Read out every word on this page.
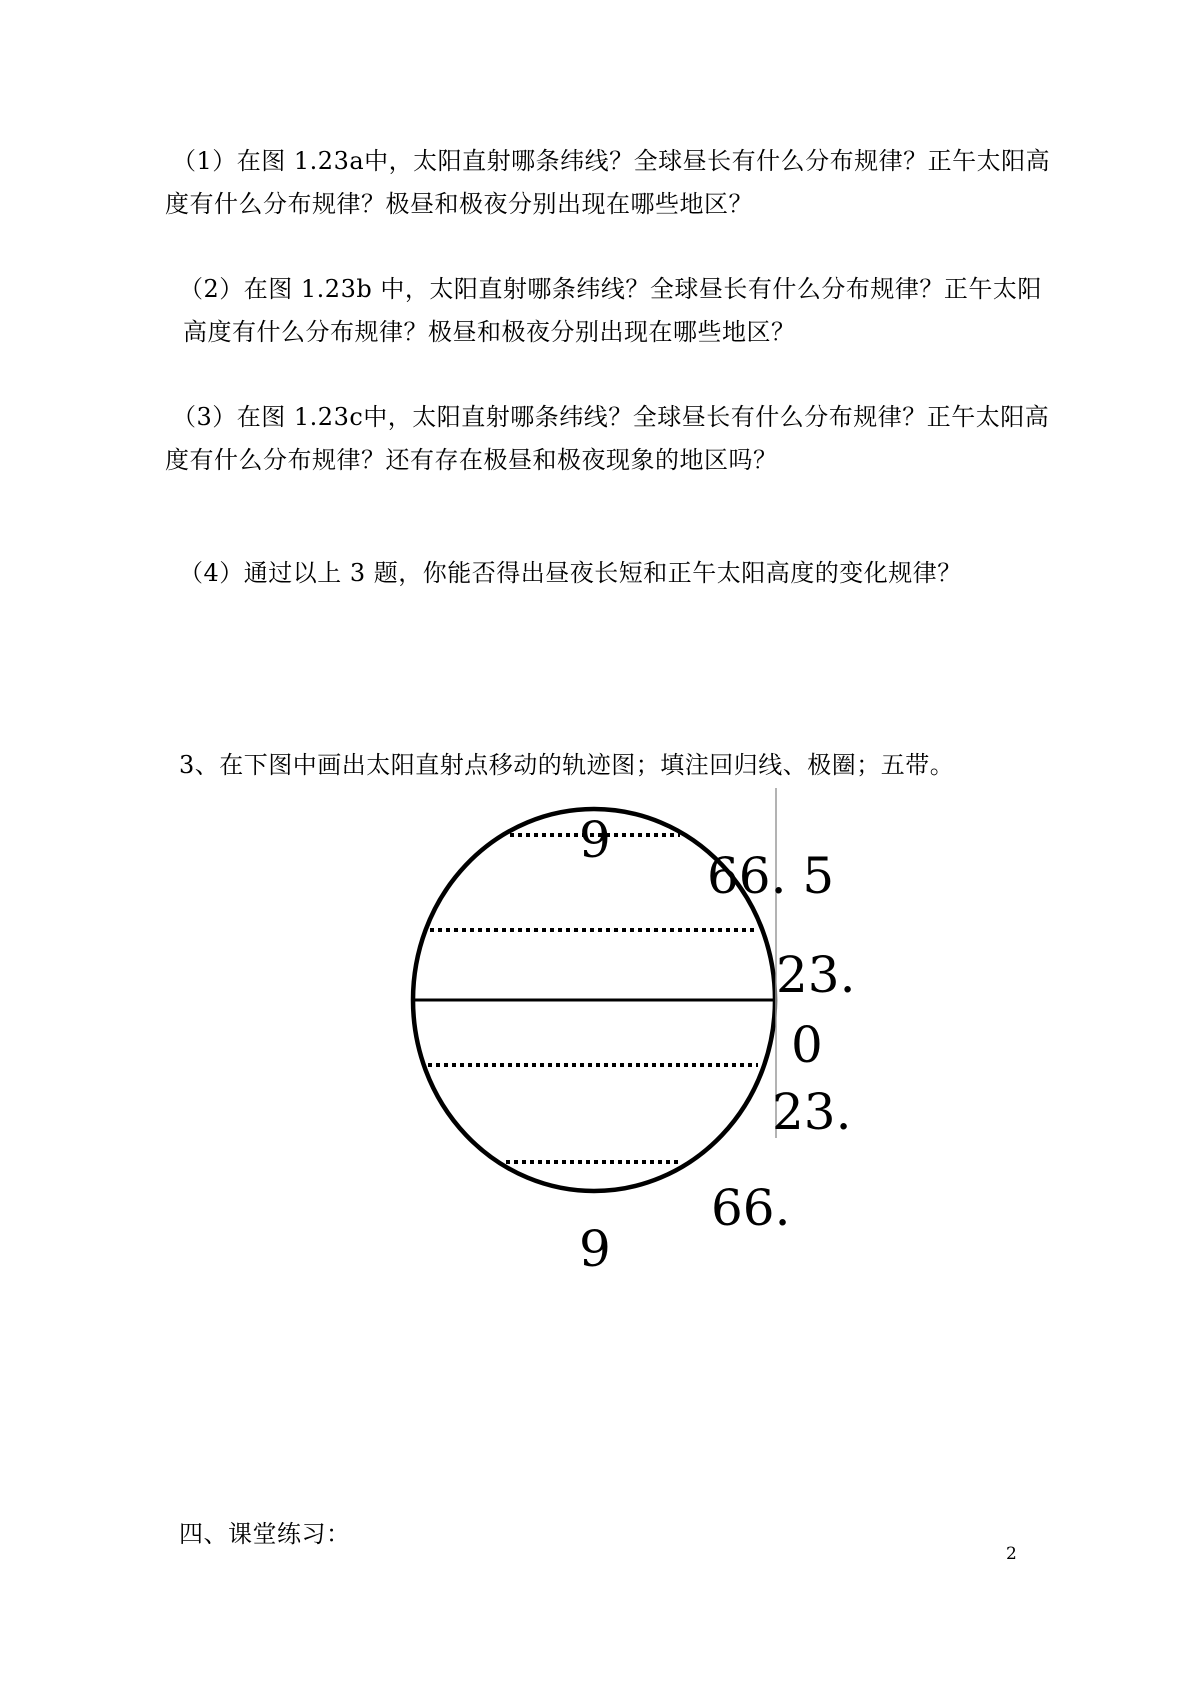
（1）在图 1.23a中，太阳直射哪条纬线？全球昼长有什么分布规律？正午太阳高
度有什么分布规律？极昼和极夜分别出现在哪些地区？

（2）在图 1.23b 中，太阳直射哪条纬线？全球昼长有什么分布规律？正午太阳
高度有什么分布规律？极昼和极夜分别出现在哪些地区？

（3）在图 1.23c中，太阳直射哪条纬线？全球昼长有什么分布规律？正午太阳高
度有什么分布规律？还有存在极昼和极夜现象的地区吗？

（4）通过以上 3 题，你能否得出昼夜长短和正午太阳高度的变化规律？

3、在下图中画出太阳直射点移动的轨迹图；填注回归线、极圈；五带。

9
66. 5
23.
0
23.
66.
9

四、课堂练习：

2
